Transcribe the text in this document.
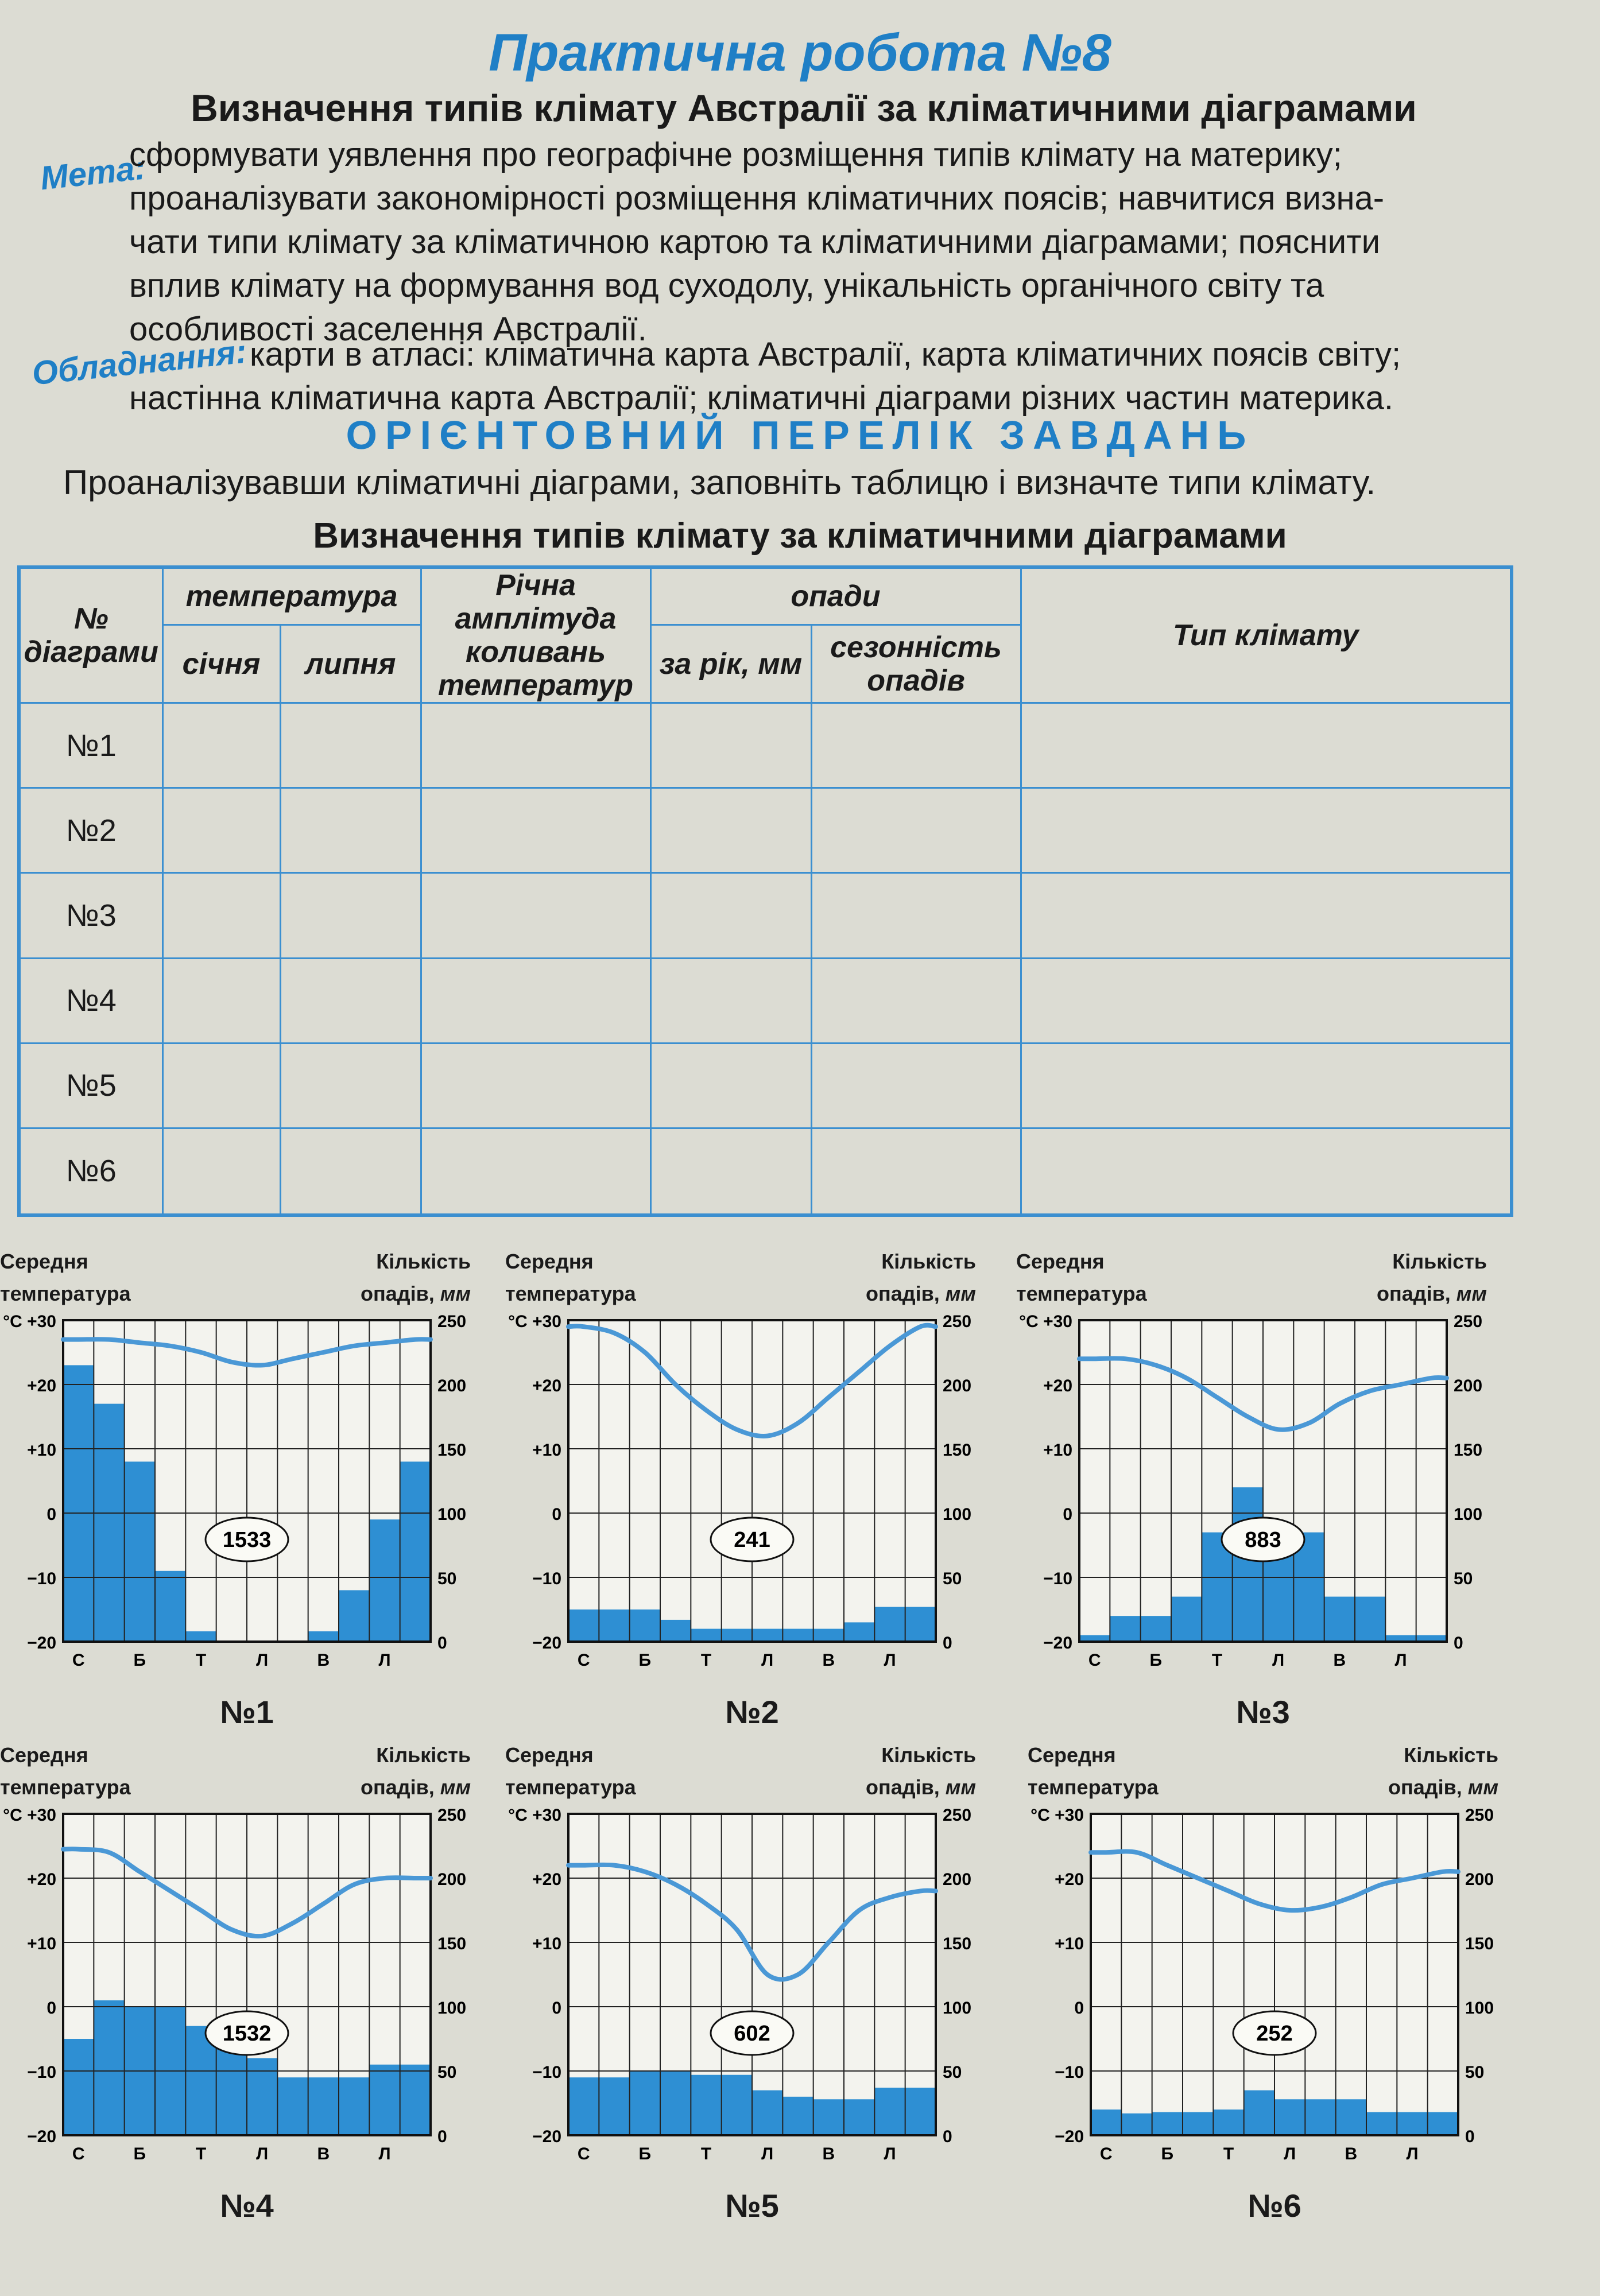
Практична робота №8
Визначення типів клімату Австралії за кліматичними діаграмами
Мета:
сформувати уявлення про географічне розміщення типів клімату на материку;
проаналізувати закономірності розміщення кліматичних поясів; навчитися визна-
чати типи клімату за кліматичною картою та кліматичними діаграмами; пояснити
вплив клімату на формування вод суходолу, унікальність органічного світу та
особливості заселення Австралії.
Обладнання: карти в атласі: кліматична карта Австралії, карта кліматичних поясів світу;
настінна кліматична карта Австралії; кліматичні діаграми різних частин материка.
ОРІЄНТОВНИЙ ПЕРЕЛІК ЗАВДАНЬ
Проаналізувавши кліматичні діаграми, заповніть таблицю і визначте типи клімату.
Визначення типів клімату за кліматичними діаграмами
№ діаграми	температура		Річна амплітуда коливань температур	опади		Тип клімату
	січня	липня		за рік, мм	сезонність опадів	
№1						
№2						
№3						
№4						
№5						
№6						
Середня
температура
Кількість
опадів, мм
°C +30
+20
+10
0
−10
−20
250
200
150
100
50
0
С	Б	Т	Л	В	Л
1533
№1
Середня
температура
Кількість
опадів, мм
°C +30
+20
+10
0
−10
−20
250
200
150
100
50
0
С	Б	Т	Л	В	Л
241
№2
Середня
температура
Кількість
опадів, мм
°C +30
+20
+10
0
−10
−20
250
200
150
100
50
0
С	Б	Т	Л	В	Л
883
№3
Середня
температура
Кількість
опадів, мм
°C +30
+20
+10
0
−10
−20
250
200
150
100
50
0
С	Б	Т	Л	В	Л
1532
№4
Середня
температура
Кількість
опадів, мм
°C +30
+20
+10
0
−10
−20
250
200
150
100
50
0
С	Б	Т	Л	В	Л
602
№5
Середня
температура
Кількість
опадів, мм
°C +30
+20
+10
0
−10
−20
250
200
150
100
50
0
С	Б	Т	Л	В	Л
252
№6
